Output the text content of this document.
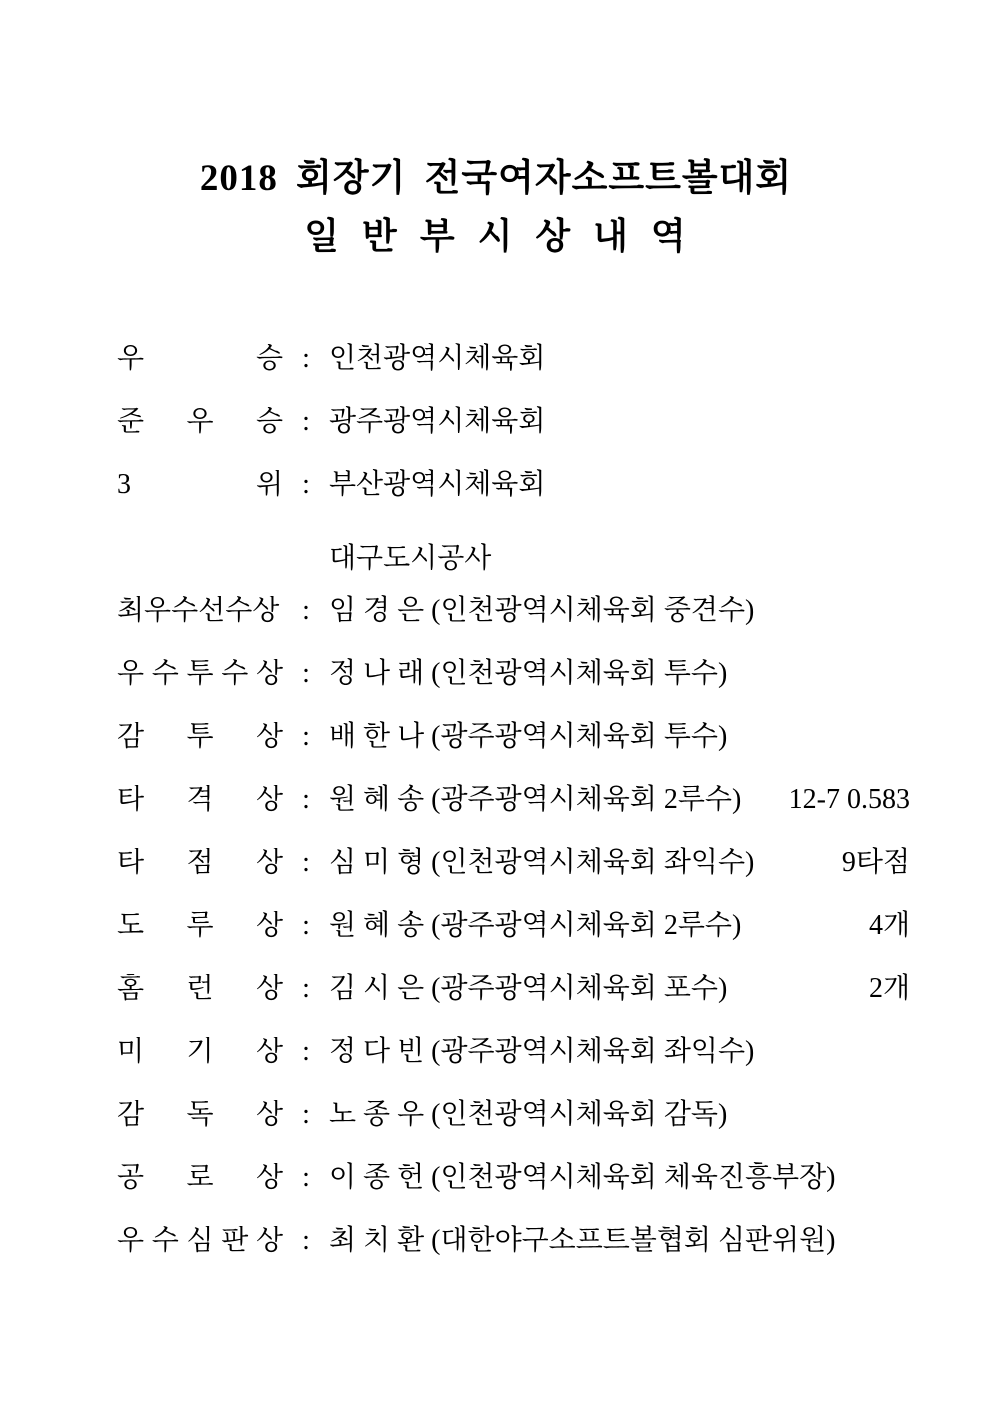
2018 회장기 전국여자소프트볼대회
일 반 부 시 상 내 역
우 승 : 인천광역시체육회
준 우 승 : 광주광역시체육회
3 위 : 부산광역시체육회
대구도시공사
최우수선수상 : 임 경 은 (인천광역시체육회 중견수)
우 수 투 수 상 : 정 나 래 (인천광역시체육회 투수)
감 투 상 : 배 한 나 (광주광역시체육회 투수)
타 격 상 : 원 혜 송 (광주광역시체육회 2루수)	12-7 0.583
타 점 상 : 심 미 형 (인천광역시체육회 좌익수)	9타점
도 루 상 : 원 혜 송 (광주광역시체육회 2루수)	4개
홈 런 상 : 김 시 은 (광주광역시체육회 포수)	2개
미 기 상 : 정 다 빈 (광주광역시체육회 좌익수)
감 독 상 : 노 종 우 (인천광역시체육회 감독)
공 로 상 : 이 종 헌 (인천광역시체육회 체육진흥부장)
우 수 심 판 상 : 최 치 환 (대한야구소프트볼협회 심판위원)
